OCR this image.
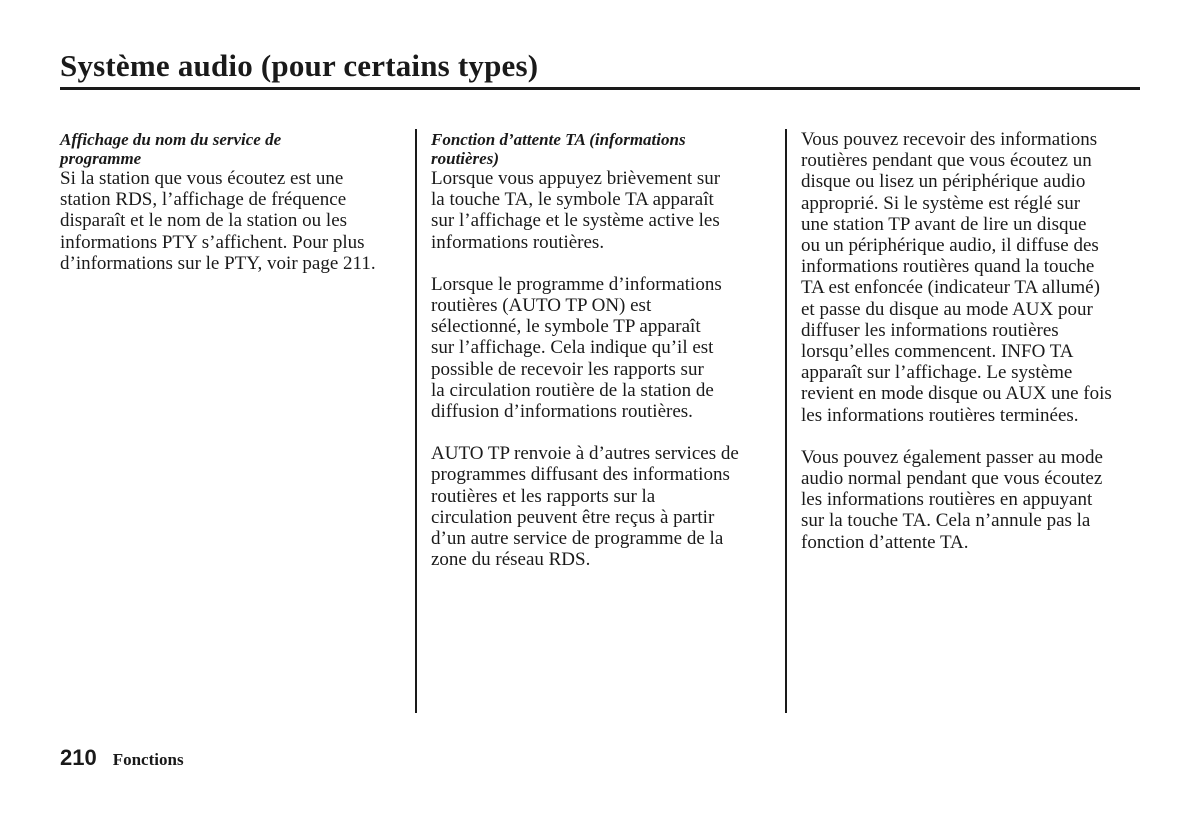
Système audio (pour certains types)

Affichage du nom du service de
programme

Si la station que vous écoutez est une
station RDS, l’affichage de fréquence
disparaît et le nom de la station ou les
informations PTY s’affichent. Pour plus
d’informations sur le PTY, voir page 211.

Fonction d’attente TA (informations
routières)

Lorsque vous appuyez brièvement sur
la touche TA, le symbole TA apparaît
sur l’affichage et le système active les
informations routières.

Lorsque le programme d’informations
routières (AUTO TP ON) est
sélectionné, le symbole TP apparaît
sur l’affichage. Cela indique qu’il est
possible de recevoir les rapports sur
la circulation routière de la station de
diffusion d’informations routières.

AUTO TP renvoie à d’autres services de
programmes diffusant des informations
routières et les rapports sur la
circulation peuvent être reçus à partir
d’un autre service de programme de la
zone du réseau RDS.

Vous pouvez recevoir des informations
routières pendant que vous écoutez un
disque ou lisez un périphérique audio
approprié. Si le système est réglé sur
une station TP avant de lire un disque
ou un périphérique audio, il diffuse des
informations routières quand la touche
TA est enfoncée (indicateur TA allumé)
et passe du disque au mode AUX pour
diffuser les informations routières
lorsqu’elles commencent. INFO TA
apparaît sur l’affichage. Le système
revient en mode disque ou AUX une fois
les informations routières terminées.

Vous pouvez également passer au mode
audio normal pendant que vous écoutez
les informations routières en appuyant
sur la touche TA. Cela n’annule pas la
fonction d’attente TA.

210 Fonctions
